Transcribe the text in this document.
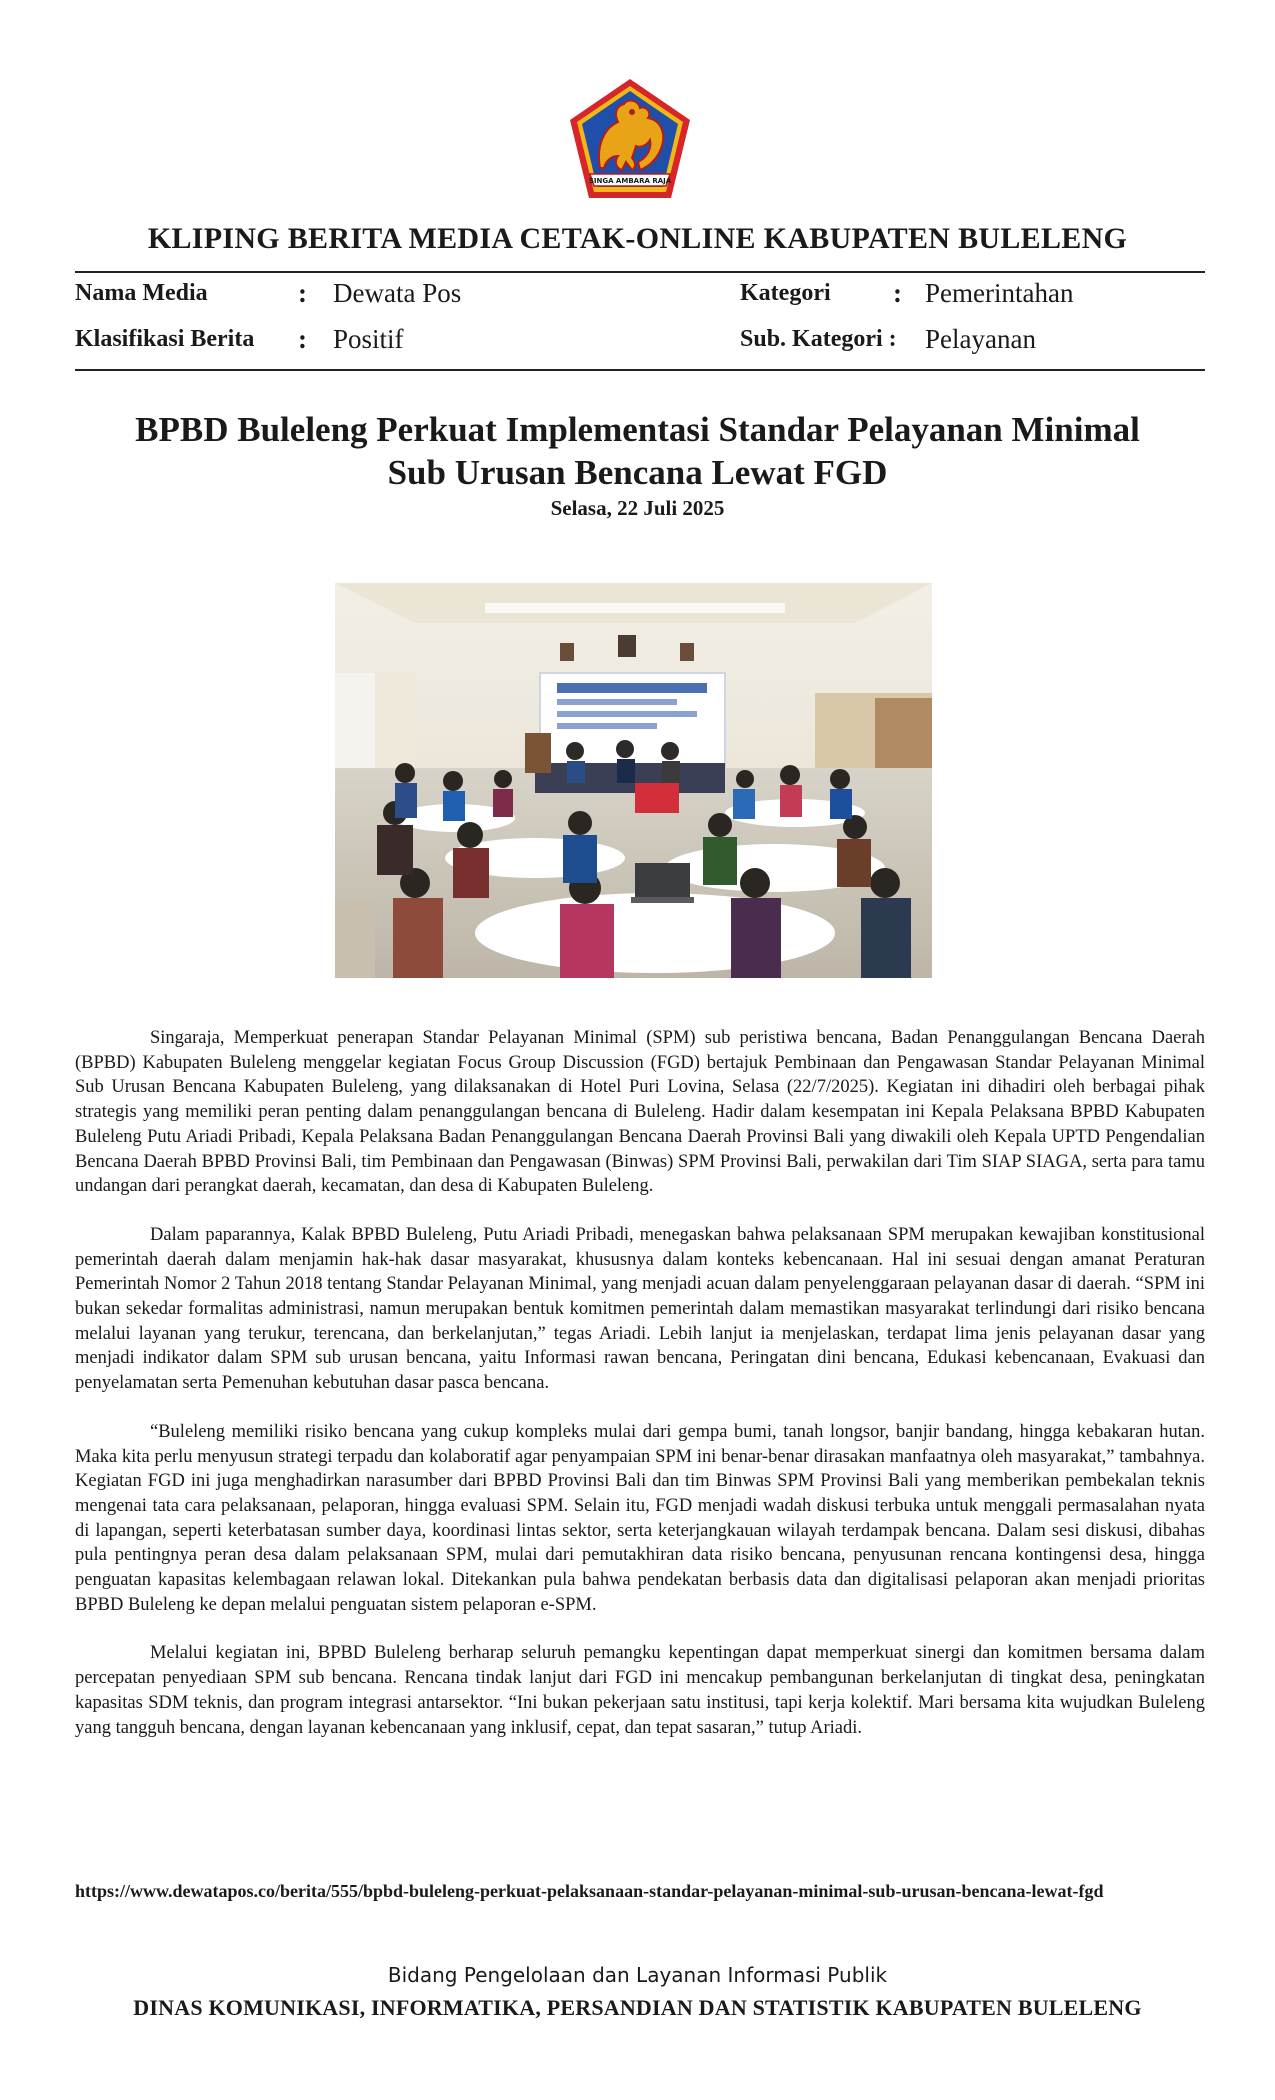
SINGA AMBARA RAJA
KLIPING BERITA MEDIA CETAK-ONLINE KABUPATEN BULELENG
Nama Media	: Dewata Pos	Kategori : Pemerintahan
Klasifikasi Berita : Positif	Sub. Kategori : Pelayanan
BPBD Buleleng Perkuat Implementasi Standar Pelayanan Minimal
Sub Urusan Bencana Lewat FGD
Selasa, 22 Juli 2025

Singaraja, Memperkuat penerapan Standar Pelayanan Minimal (SPM) sub peristiwa bencana, Badan Penanggulangan Bencana Daerah (BPBD) Kabupaten Buleleng menggelar kegiatan Focus Group Discussion (FGD) bertajuk Pembinaan dan Pengawasan Standar Pelayanan Minimal Sub Urusan Bencana Kabupaten Buleleng, yang dilaksanakan di Hotel Puri Lovina, Selasa (22/7/2025). Kegiatan ini dihadiri oleh berbagai pihak strategis yang memiliki peran penting dalam penanggulangan bencana di Buleleng. Hadir dalam kesempatan ini Kepala Pelaksana BPBD Kabupaten Buleleng Putu Ariadi Pribadi, Kepala Pelaksana Badan Penanggulangan Bencana Daerah Provinsi Bali yang diwakili oleh Kepala UPTD Pengendalian Bencana Daerah BPBD Provinsi Bali, tim Pembinaan dan Pengawasan (Binwas) SPM Provinsi Bali, perwakilan dari Tim SIAP SIAGA, serta para tamu undangan dari perangkat daerah, kecamatan, dan desa di Kabupaten Buleleng.

Dalam paparannya, Kalak BPBD Buleleng, Putu Ariadi Pribadi, menegaskan bahwa pelaksanaan SPM merupakan kewajiban konstitusional pemerintah daerah dalam menjamin hak-hak dasar masyarakat, khususnya dalam konteks kebencanaan. Hal ini sesuai dengan amanat Peraturan Pemerintah Nomor 2 Tahun 2018 tentang Standar Pelayanan Minimal, yang menjadi acuan dalam penyelenggaraan pelayanan dasar di daerah. “SPM ini bukan sekedar formalitas administrasi, namun merupakan bentuk komitmen pemerintah dalam memastikan masyarakat terlindungi dari risiko bencana melalui layanan yang terukur, terencana, dan berkelanjutan,” tegas Ariadi. Lebih lanjut ia menjelaskan, terdapat lima jenis pelayanan dasar yang menjadi indikator dalam SPM sub urusan bencana, yaitu Informasi rawan bencana, Peringatan dini bencana, Edukasi kebencanaan, Evakuasi dan penyelamatan serta Pemenuhan kebutuhan dasar pasca bencana.

“Buleleng memiliki risiko bencana yang cukup kompleks mulai dari gempa bumi, tanah longsor, banjir bandang, hingga kebakaran hutan. Maka kita perlu menyusun strategi terpadu dan kolaboratif agar penyampaian SPM ini benar-benar dirasakan manfaatnya oleh masyarakat,” tambahnya. Kegiatan FGD ini juga menghadirkan narasumber dari BPBD Provinsi Bali dan tim Binwas SPM Provinsi Bali yang memberikan pembekalan teknis mengenai tata cara pelaksanaan, pelaporan, hingga evaluasi SPM. Selain itu, FGD menjadi wadah diskusi terbuka untuk menggali permasalahan nyata di lapangan, seperti keterbatasan sumber daya, koordinasi lintas sektor, serta keterjangkauan wilayah terdampak bencana. Dalam sesi diskusi, dibahas pula pentingnya peran desa dalam pelaksanaan SPM, mulai dari pemutakhiran data risiko bencana, penyusunan rencana kontingensi desa, hingga penguatan kapasitas kelembagaan relawan lokal. Ditekankan pula bahwa pendekatan berbasis data dan digitalisasi pelaporan akan menjadi prioritas BPBD Buleleng ke depan melalui penguatan sistem pelaporan e-SPM.

Melalui kegiatan ini, BPBD Buleleng berharap seluruh pemangku kepentingan dapat memperkuat sinergi dan komitmen bersama dalam percepatan penyediaan SPM sub bencana. Rencana tindak lanjut dari FGD ini mencakup pembangunan berkelanjutan di tingkat desa, peningkatan kapasitas SDM teknis, dan program integrasi antarsektor. “Ini bukan pekerjaan satu institusi, tapi kerja kolektif. Mari bersama kita wujudkan Buleleng yang tangguh bencana, dengan layanan kebencanaan yang inklusif, cepat, dan tepat sasaran,” tutup Ariadi.

https://www.dewatapos.co/berita/555/bpbd-buleleng-perkuat-pelaksanaan-standar-pelayanan-minimal-sub-urusan-bencana-lewat-fgd
Bidang Pengelolaan dan Layanan Informasi Publik
DINAS KOMUNIKASI, INFORMATIKA, PERSANDIAN DAN STATISTIK KABUPATEN BULELENG
